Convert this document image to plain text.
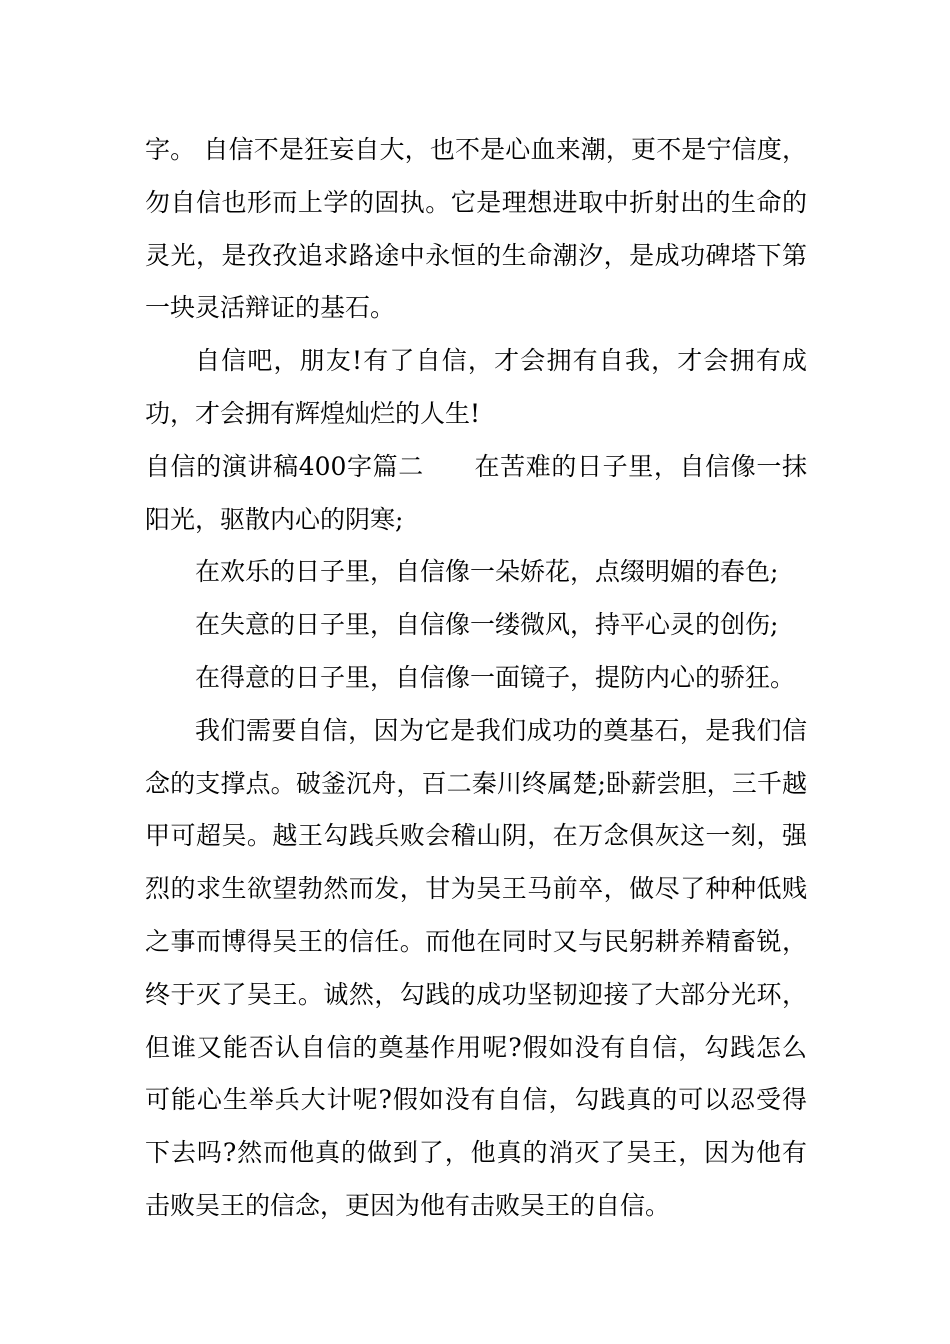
字。 自信不是狂妄自大，也不是心血来潮，更不是宁信度，勿自信也形而上学的固执。它是理想进取中折射出的生命的灵光，是孜孜追求路途中永恒的生命潮汐，是成功碑塔下第一块灵活辩证的基石。

自信吧，朋友!有了自信，才会拥有自我，才会拥有成功，才会拥有辉煌灿烂的人生!

自信的演讲稿400字篇二 在苦难的日子里，自信像一抹阳光，驱散内心的阴寒;

在欢乐的日子里，自信像一朵娇花，点缀明媚的春色;

在失意的日子里，自信像一缕微风，持平心灵的创伤;

在得意的日子里，自信像一面镜子，提防内心的骄狂。

我们需要自信，因为它是我们成功的奠基石，是我们信念的支撑点。破釜沉舟，百二秦川终属楚;卧薪尝胆，三千越甲可超吴。越王勾践兵败会稽山阴，在万念俱灰这一刻，强烈的求生欲望勃然而发，甘为吴王马前卒，做尽了种种低贱之事而博得吴王的信任。而他在同时又与民躬耕养精畜锐，终于灭了吴王。诚然，勾践的成功坚韧迎接了大部分光环，但谁又能否认自信的奠基作用呢?假如没有自信，勾践怎么可能心生举兵大计呢?假如没有自信，勾践真的可以忍受得下去吗?然而他真的做到了，他真的消灭了吴王，因为他有击败吴王的信念，更因为他有击败吴王的自信。
